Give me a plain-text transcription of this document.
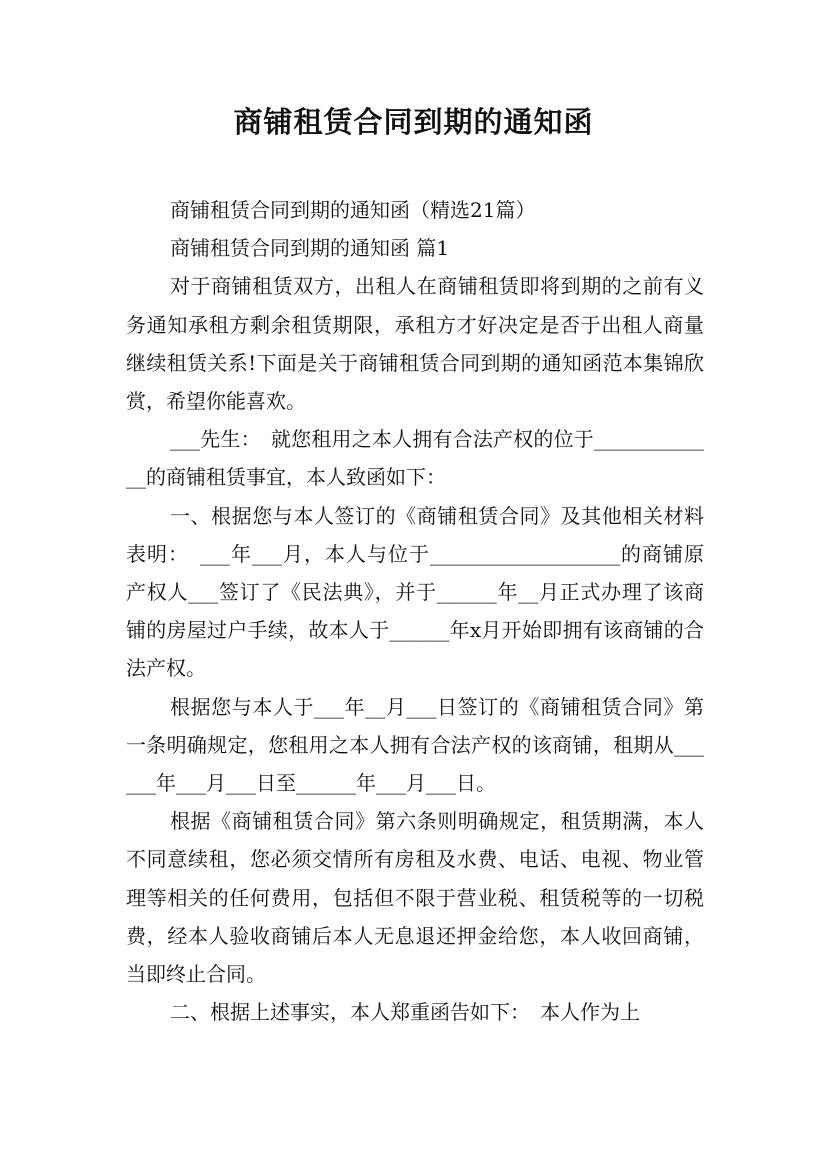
商铺租赁合同到期的通知函

商铺租赁合同到期的通知函（精选21篇）

商铺租赁合同到期的通知函 篇1

对于商铺租赁双方，出租人在商铺租赁即将到期的之前有义务通知承租方剩余租赁期限，承租方才好决定是否于出租人商量继续租赁关系!下面是关于商铺租赁合同到期的通知函范本集锦欣赏，希望你能喜欢。

___先生：　就您租用之本人拥有合法产权的位于_____________的商铺租赁事宜，本人致函如下：

一、根据您与本人签订的《商铺租赁合同》及其他相关材料表明：　___年___月，本人与位于___________________的商铺原产权人___签订了《民法典》，并于______年__月正式办理了该商铺的房屋过户手续，故本人于______年x月开始即拥有该商铺的合法产权。

根据您与本人于___年__月___日签订的《商铺租赁合同》第一条明确规定，您租用之本人拥有合法产权的该商铺，租期从______年___月___日至______年___月___日。

根据《商铺租赁合同》第六条则明确规定，租赁期满，本人不同意续租，您必须交情所有房租及水费、电话、电视、物业管理等相关的任何费用，包括但不限于营业税、租赁税等的一切税费，经本人验收商铺后本人无息退还押金给您，本人收回商铺，当即终止合同。

二、根据上述事实，本人郑重函告如下：　本人作为上
